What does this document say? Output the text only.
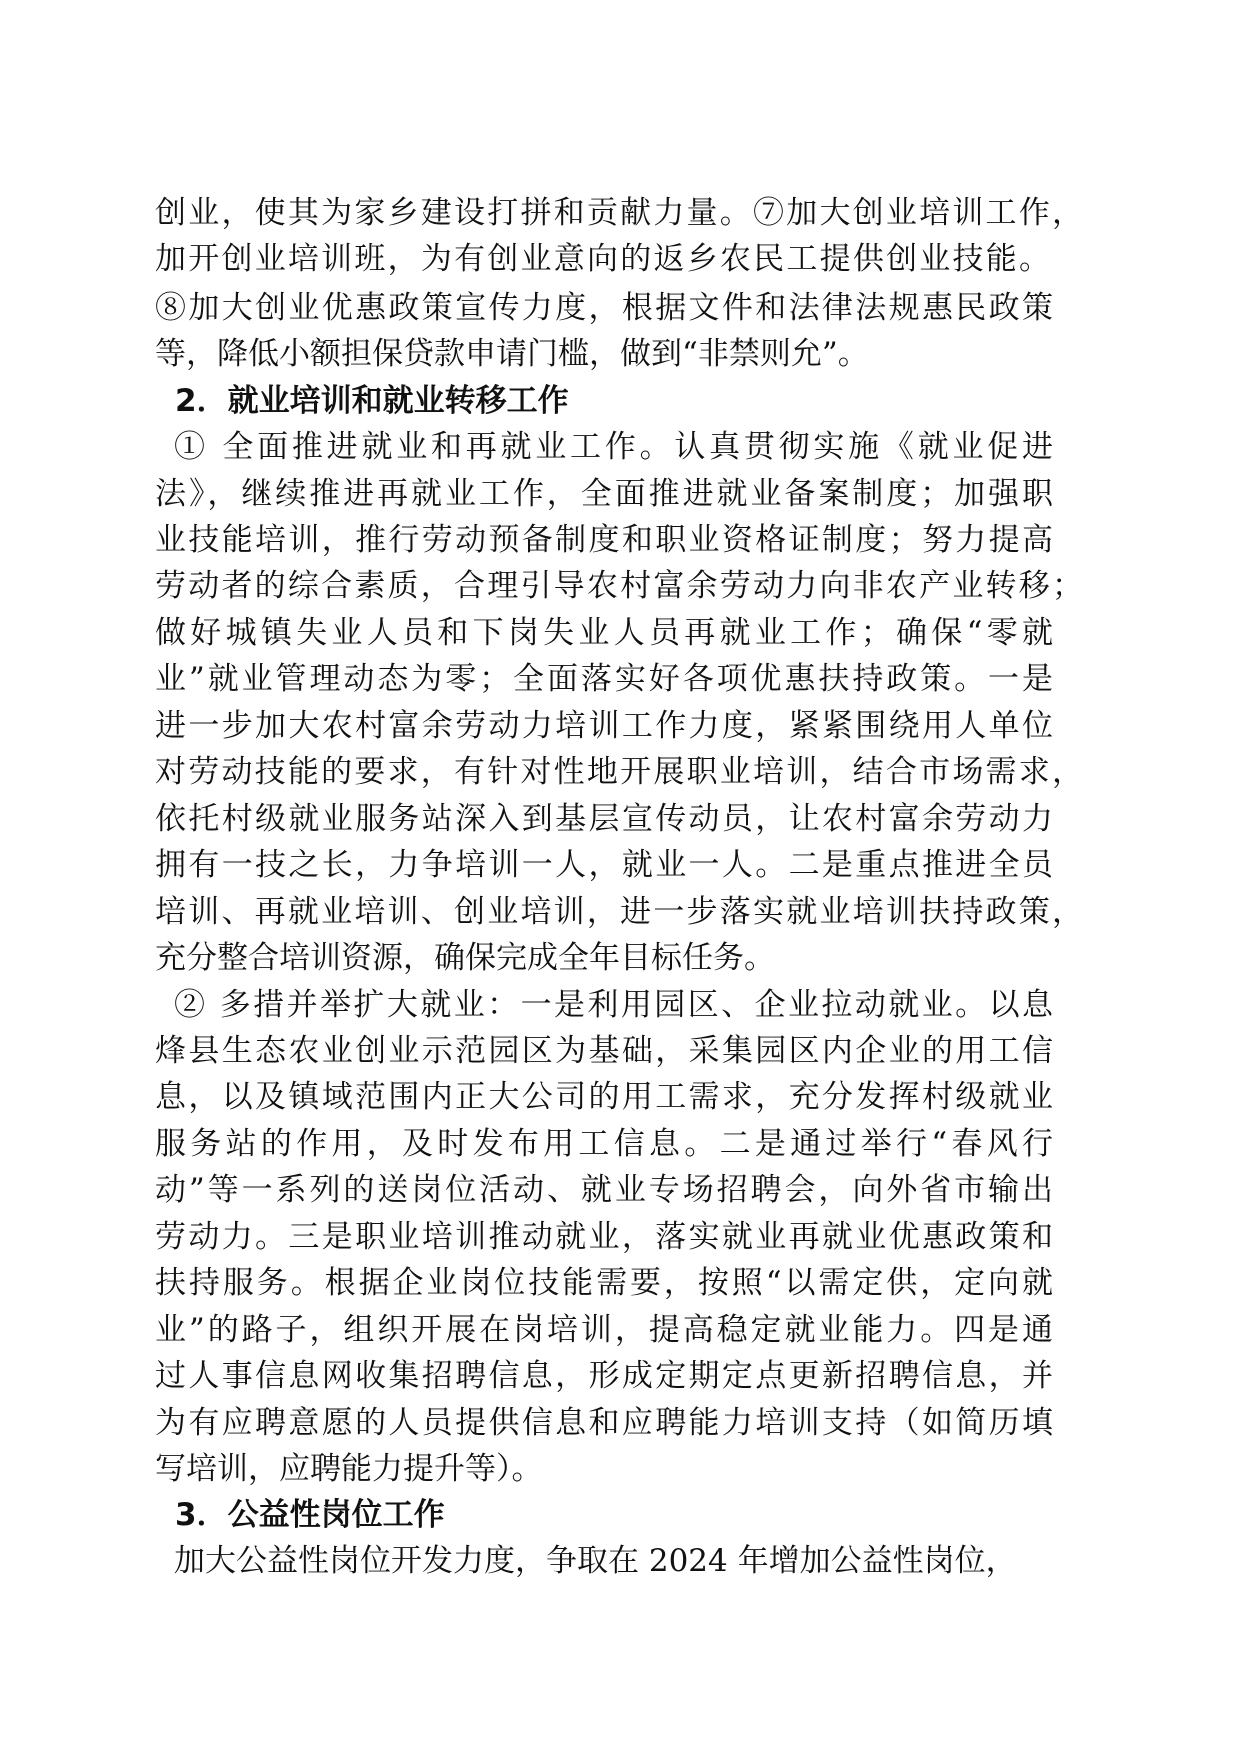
创业，使其为家乡建设打拼和贡献力量。⑦加大创业培训工作，

加开创业培训班，为有创业意向的返乡农民工提供创业技能。

⑧加大创业优惠政策宣传力度，根据文件和法律法规惠民政策

等，降低小额担保贷款申请门槛，做到“非禁则允”。

2．就业培训和就业转移工作

① 全面推进就业和再就业工作。认真贯彻实施《就业促进

法》，继续推进再就业工作，全面推进就业备案制度；加强职

业技能培训，推行劳动预备制度和职业资格证制度；努力提高

劳动者的综合素质，合理引导农村富余劳动力向非农产业转移；

做好城镇失业人员和下岗失业人员再就业工作；确保“零就

业”就业管理动态为零；全面落实好各项优惠扶持政策。一是

进一步加大农村富余劳动力培训工作力度，紧紧围绕用人单位

对劳动技能的要求，有针对性地开展职业培训，结合市场需求，

依托村级就业服务站深入到基层宣传动员，让农村富余劳动力

拥有一技之长，力争培训一人，就业一人。二是重点推进全员

培训、再就业培训、创业培训，进一步落实就业培训扶持政策，

充分整合培训资源，确保完成全年目标任务。

② 多措并举扩大就业：一是利用园区、企业拉动就业。以息

烽县生态农业创业示范园区为基础，采集园区内企业的用工信

息，以及镇域范围内正大公司的用工需求，充分发挥村级就业

服务站的作用，及时发布用工信息。二是通过举行“春风行

动”等一系列的送岗位活动、就业专场招聘会，向外省市输出

劳动力。三是职业培训推动就业，落实就业再就业优惠政策和

扶持服务。根据企业岗位技能需要，按照“以需定供，定向就

业”的路子，组织开展在岗培训，提高稳定就业能力。四是通

过人事信息网收集招聘信息，形成定期定点更新招聘信息，并

为有应聘意愿的人员提供信息和应聘能力培训支持（如简历填

写培训，应聘能力提升等）。

3．公益性岗位工作

加大公益性岗位开发力度，争取在 2024 年增加公益性岗位，
